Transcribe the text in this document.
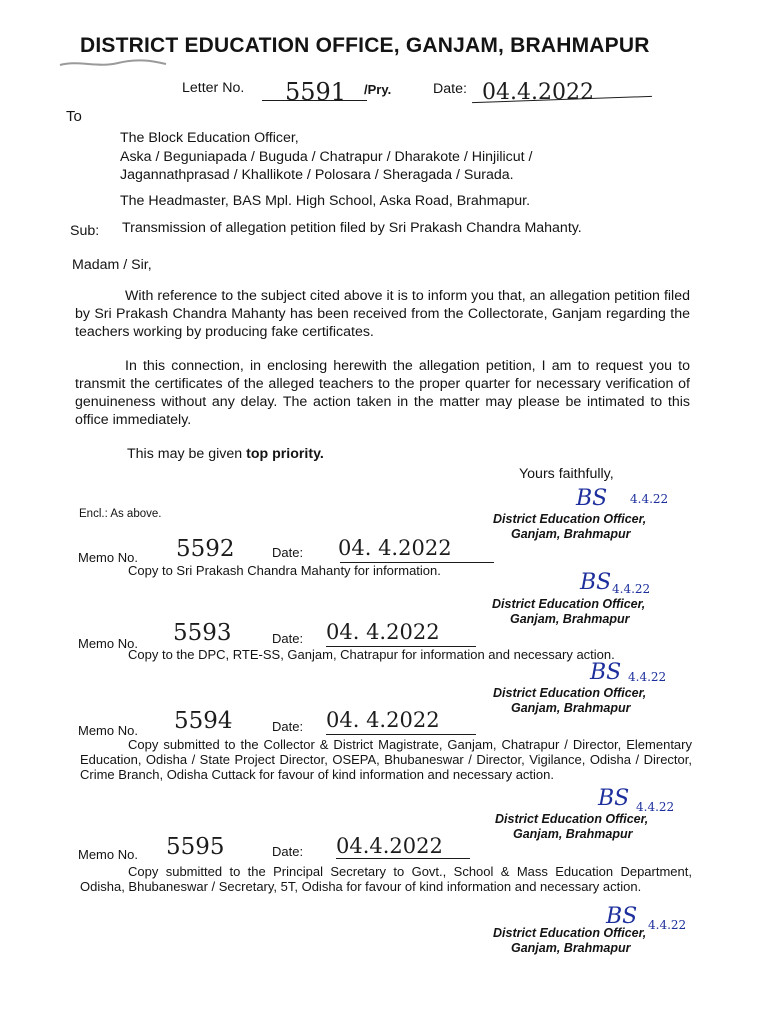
DISTRICT EDUCATION OFFICE, GANJAM, BRAHMAPUR
Letter No. 5591 /Pry.	Date: 04.4.2022
To
The Block Education Officer,
Aska / Beguniapada / Buguda / Chatrapur / Dharakote / Hinjilicut /
Jagannathprasad / Khallikote / Polosara / Sheragada / Surada.
The Headmaster, BAS Mpl. High School, Aska Road, Brahmapur.
Sub: Transmission of allegation petition filed by Sri Prakash Chandra Mahanty.
Madam / Sir,
With reference to the subject cited above it is to inform you that, an allegation petition filed by Sri Prakash Chandra Mahanty has been received from the Collectorate, Ganjam regarding the teachers working by producing fake certificates.
In this connection, in enclosing herewith the allegation petition, I am to request you to transmit the certificates of the alleged teachers to the proper quarter for necessary verification of genuineness without any delay. The action taken in the matter may please be intimated to this office immediately.
This may be given top priority.
Yours faithfully,
Encl.: As above.	District Education Officer,
Ganjam, Brahmapur
BS 4.4.22
Memo No. 5592	Date: 04. 4.2022
Copy to Sri Prakash Chandra Mahanty for information.
District Education Officer,
Ganjam, Brahmapur
BS 4.4.22
Memo No. 5593	Date: 04. 4.2022
Copy to the DPC, RTE-SS, Ganjam, Chatrapur for information and necessary action.
District Education Officer,
Ganjam, Brahmapur
BS 4.4.22
Memo No. 5594	Date: 04. 4.2022
Copy submitted to the Collector & District Magistrate, Ganjam, Chatrapur / Director, Elementary Education, Odisha / State Project Director, OSEPA, Bhubaneswar / Director, Vigilance, Odisha / Director, Crime Branch, Odisha Cuttack for favour of kind information and necessary action.
District Education Officer,
Ganjam, Brahmapur
BS 4.4.22
Memo No. 5595	Date: 04.4.2022
Copy submitted to the Principal Secretary to Govt., School & Mass Education Department, Odisha, Bhubaneswar / Secretary, 5T, Odisha for favour of kind information and necessary action.
District Education Officer,
Ganjam, Brahmapur
BS 4.4.22
